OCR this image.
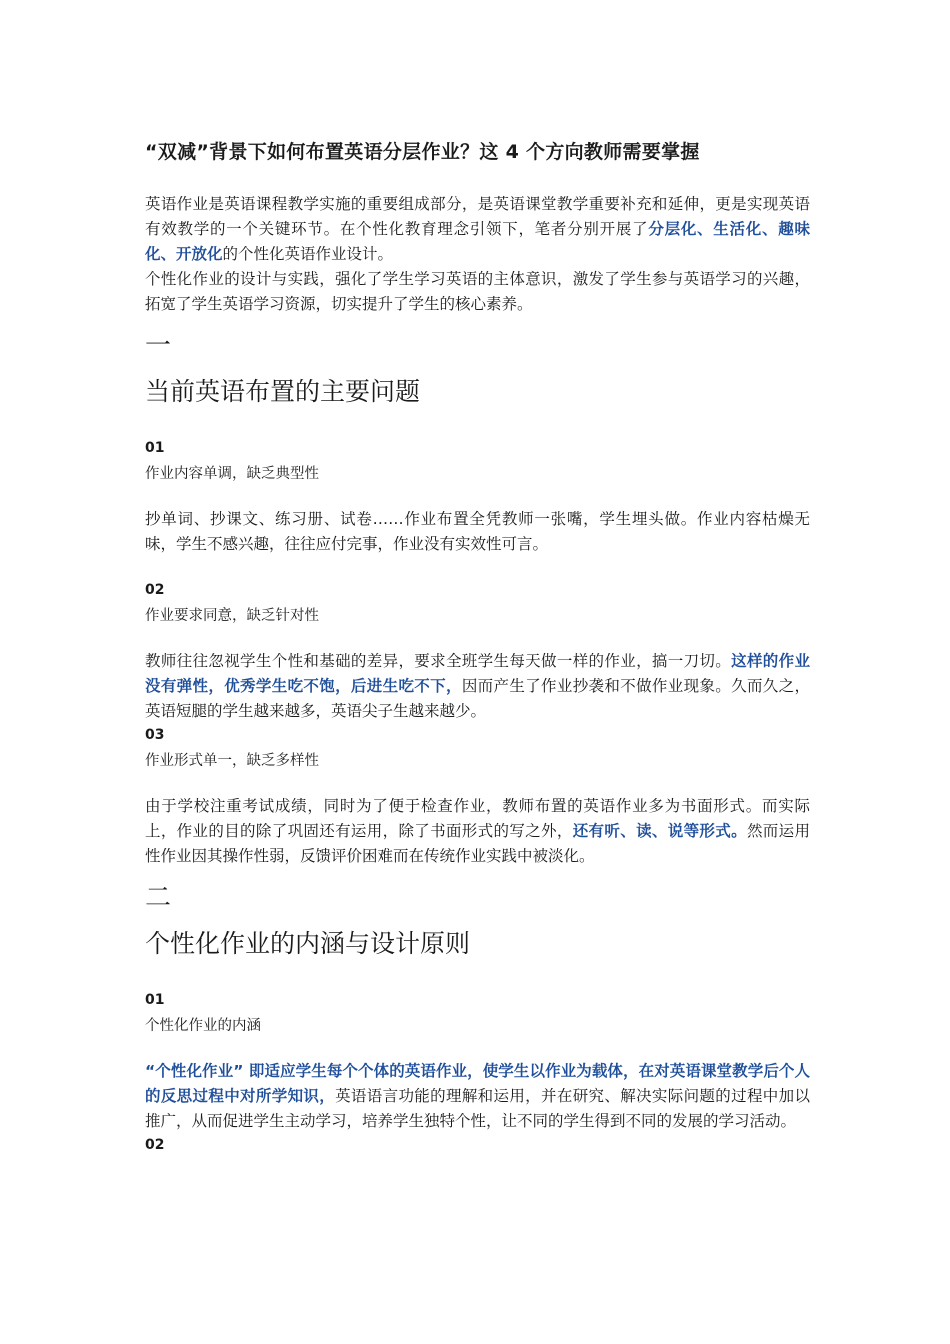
“双减”背景下如何布置英语分层作业？这 4 个方向教师需要掌握

英语作业是英语课程教学实施的重要组成部分，是英语课堂教学重要补充和延伸，更是实现英语有效教学的一个关键环节。在个性化教育理念引领下，笔者分别开展了分层化、生活化、趣味化、开放化的个性化英语作业设计。

个性化作业的设计与实践，强化了学生学习英语的主体意识，激发了学生参与英语学习的兴趣，拓宽了学生英语学习资源，切实提升了学生的核心素养。

一
当前英语布置的主要问题
01
作业内容单调，缺乏典型性

抄单词、抄课文、练习册、试卷……作业布置全凭教师一张嘴，学生埋头做。作业内容枯燥无味，学生不感兴趣，往往应付完事，作业没有实效性可言。

02
作业要求同意，缺乏针对性

教师往往忽视学生个性和基础的差异，要求全班学生每天做一样的作业，搞一刀切。这样的作业没有弹性，优秀学生吃不饱，后进生吃不下，因而产生了作业抄袭和不做作业现象。久而久之，英语短腿的学生越来越多，英语尖子生越来越少。

03
作业形式单一，缺乏多样性

由于学校注重考试成绩，同时为了便于检查作业，教师布置的英语作业多为书面形式。而实际上，作业的目的除了巩固还有运用，除了书面形式的写之外，还有听、读、说等形式。然而运用性作业因其操作性弱，反馈评价困难而在传统作业实践中被淡化。

二
个性化作业的内涵与设计原则
01
个性化作业的内涵

“个性化作业” 即适应学生每个个体的英语作业，使学生以作业为载体，在对英语课堂教学后个人的反思过程中对所学知识，英语语言功能的理解和运用，并在研究、解决实际问题的过程中加以推广，从而促进学生主动学习，培养学生独特个性，让不同的学生得到不同的发展的学习活动。

02
